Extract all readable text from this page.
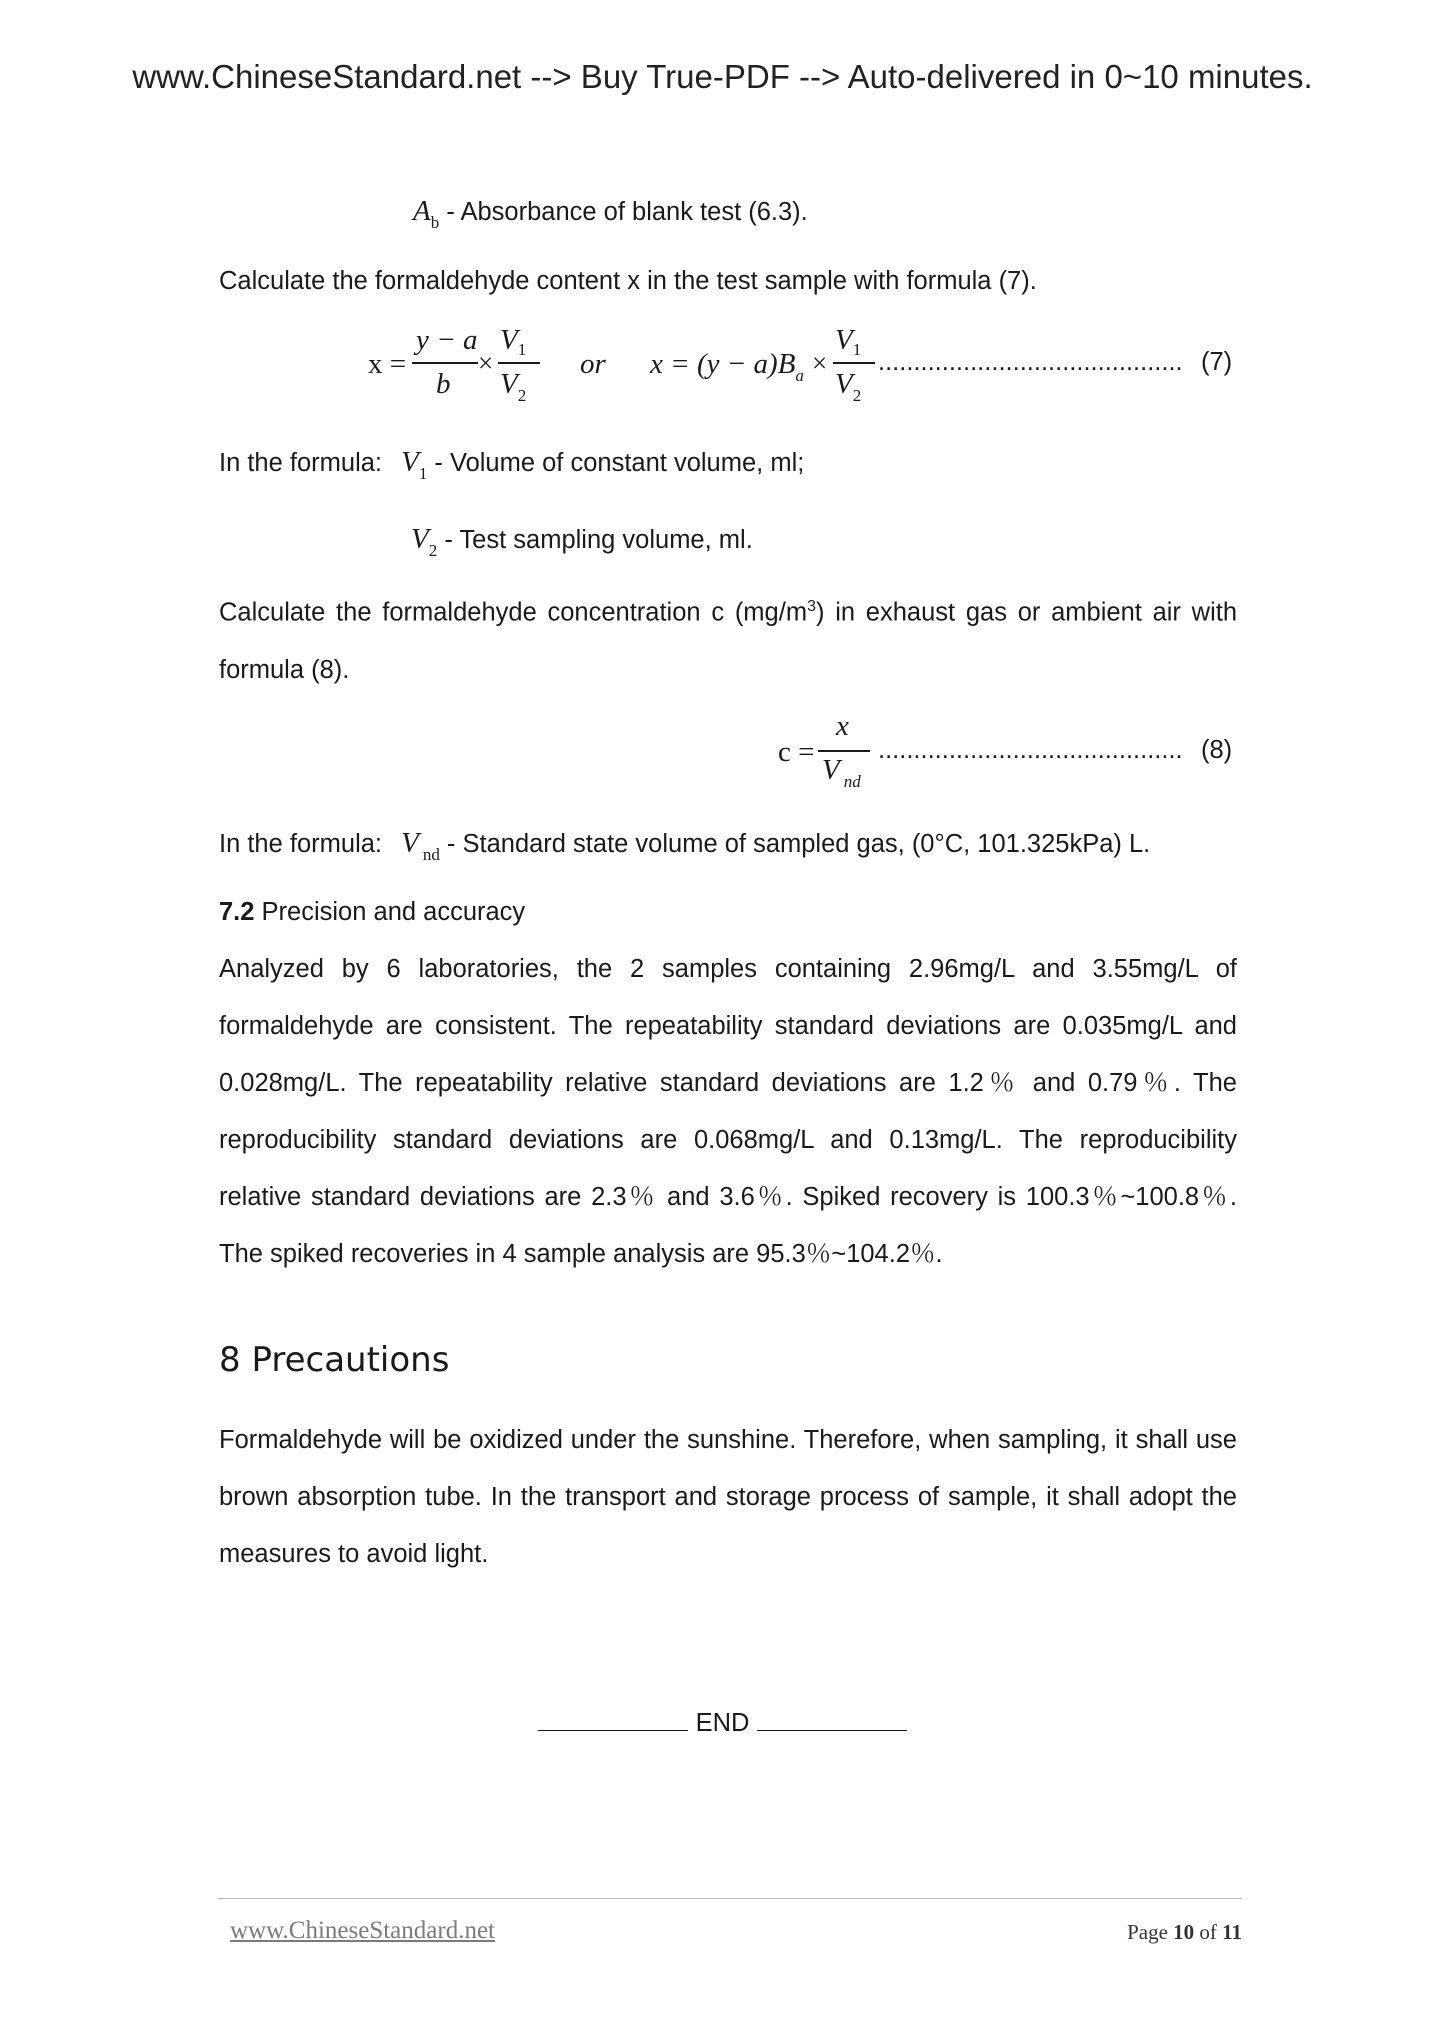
www.ChineseStandard.net --> Buy True-PDF --> Auto-delivered in 0~10 minutes.
$A_b$ - Absorbance of blank test (6.3).
Calculate the formaldehyde content x in the test sample with formula (7).
x =
y − a
b
×
$V_1$
$V_2$
or $x = (y - a)B_a$ ×
$V_1$
$V_2$
........................................... (7)
In the formula: $V_1$ - Volume of constant volume, ml;
$V_2$ - Test sampling volume, ml.
Calculate the formaldehyde concentration c $(mg/m^3)$ in exhaust gas or ambient air with formula (8).
c =
x
V $_{nd}$
........................................... (8)
In the formula: V $_{nd}$ - Standard state volume of sampled gas, (0°C, 101.325kPa) L.
7.2 Precision and accuracy
Analyzed by 6 laboratories, the 2 samples containing 2.96mg/L and 3.55mg/L of formaldehyde are consistent. The repeatability standard deviations are 0.035mg/L and 0.028mg/L. The repeatability relative standard deviations are 1.2％ and 0.79％. The reproducibility standard deviations are 0.068mg/L and 0.13mg/L. The reproducibility relative standard deviations are 2.3％ and 3.6％. Spiked recovery is 100.3％~100.8％. The spiked recoveries in 4 sample analysis are 95.3％~104.2％.
8 Precautions
Formaldehyde will be oxidized under the sunshine. Therefore, when sampling, it shall use brown absorption tube. In the transport and storage process of sample, it shall adopt the measures to avoid light.
END
www.ChineseStandard.net	Page 10 of 11
